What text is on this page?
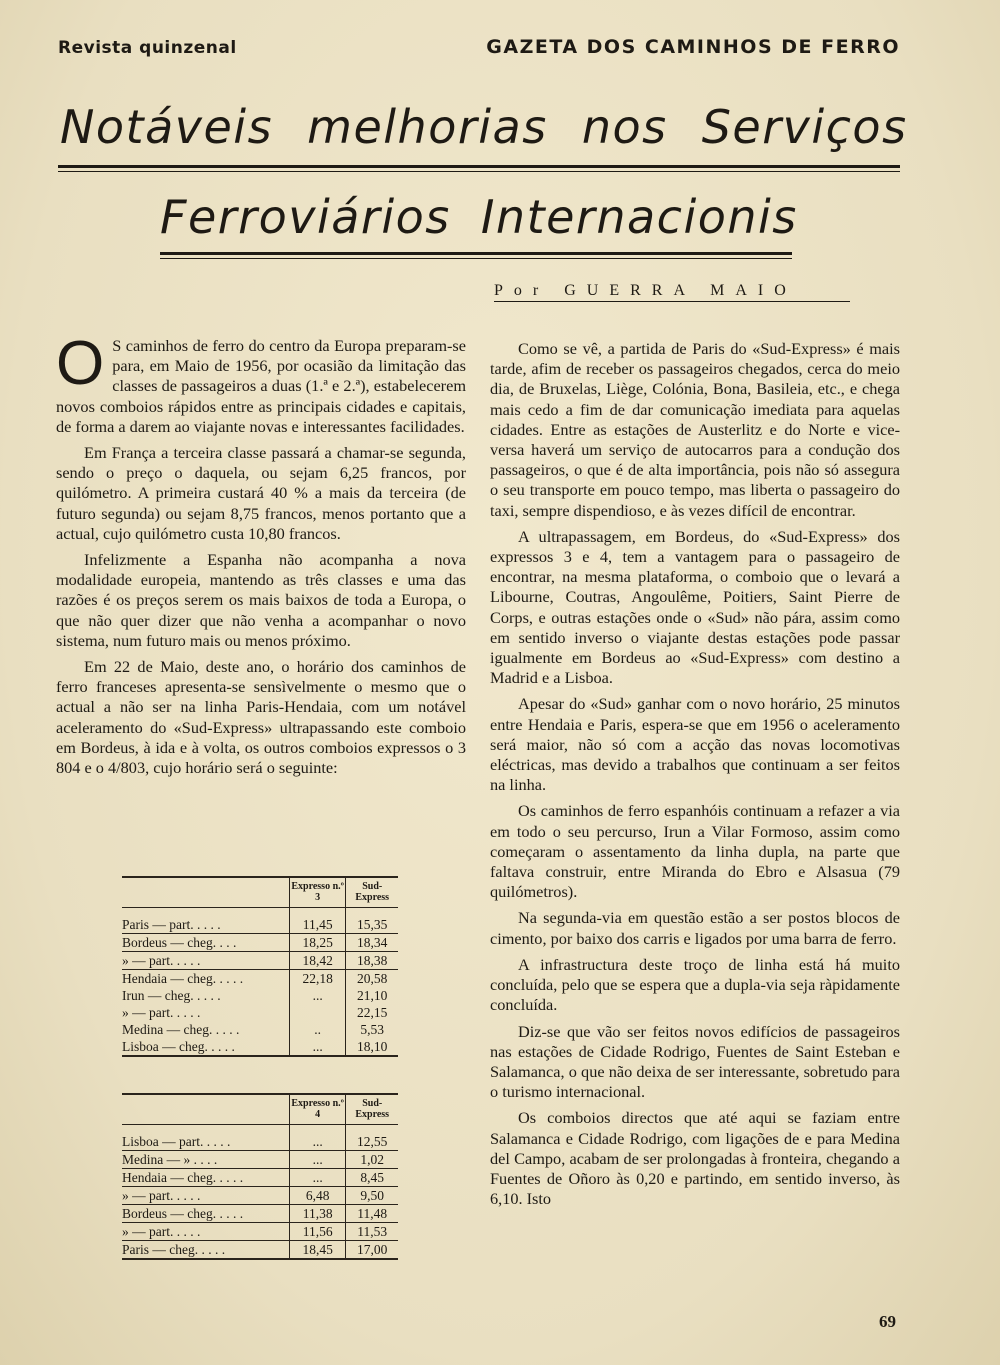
Revista quinzenal	GAZETA DOS CAMINHOS DE FERRO
Notáveis melhorias nos Serviços
Ferroviários Internacionis
Por GUERRA MAIO

O S caminhos de ferro do centro da Europa preparam-se para, em Maio de 1956, por ocasião da limitação das classes de passageiros a duas (1.ª e 2.ª), estabelecerem novos comboios rápidos entre as principais cidades e capitais, de forma a darem ao viajante novas e interessantes facilidades.

Em França a terceira classe passará a chamar-se segunda, sendo o preço o daquela, ou sejam 6,25 francos, por quilómetro. A primeira custará 40 % a mais da terceira (de futuro segunda) ou sejam 8,75 francos, menos portanto que a actual, cujo quilómetro custa 10,80 francos.

Infelizmente a Espanha não acompanha a nova modalidade europeia, mantendo as três classes e uma das razões é os preços serem os mais baixos de toda a Europa, o que não quer dizer que não venha a acompanhar o novo sistema, num futuro mais ou menos próximo.

Em 22 de Maio, deste ano, o horário dos caminhos de ferro franceses apresenta-se sensìvelmente o mesmo que o actual a não ser na linha Paris-Hendaia, com um notável aceleramento do «Sud-Express» ultrapassando este comboio em Bordeus, à ida e à volta, os outros comboios expressos o 3 804 e o 4/803, cujo horário será o seguinte:

	Expresso n.º 3	Sud-Express

Paris — part. . . . .	11,45	15,35
Bordeus — cheg. . . .	18,25	18,34
» — part. . . . .	18,42	18,38
Hendaia — cheg. . . . .	22,18	20,58
Irun — cheg. . . . .	...	21,10
» — part. . . . .		22,15
Medina — cheg. . . . .	..	5,53
Lisboa — cheg. . . . .	...	18,10
	Expresso n.º 4	Sud-Express

Lisboa — part. . . . .	...	12,55
Medina — » . . . .	...	1,02
Hendaia — cheg. . . . .	...	8,45
» — part. . . . .	6,48	9,50
Bordeus — cheg. . . . .	11,38	11,48
» — part. . . . .	11,56	11,53
Paris — cheg. . . . .	18,45	17,00

Como se vê, a partida de Paris do «Sud-Express» é mais tarde, afim de receber os passageiros chegados, cerca do meio dia, de Bruxelas, Liège, Colónia, Bona, Basileia, etc., e chega mais cedo a fim de dar comunicação imediata para aquelas cidades. Entre as estações de Austerlitz e do Norte e vice-versa haverá um serviço de autocarros para a condução dos passageiros, o que é de alta importância, pois não só assegura o seu transporte em pouco tempo, mas liberta o passageiro do taxi, sempre dispendioso, e às vezes difícil de encontrar.

A ultrapassagem, em Bordeus, do «Sud-Express» dos expressos 3 e 4, tem a vantagem para o passageiro de encontrar, na mesma plataforma, o comboio que o levará a Libourne, Coutras, Angoulême, Poitiers, Saint Pierre de Corps, e outras estações onde o «Sud» não pára, assim como em sentido inverso o viajante destas estações pode passar igualmente em Bordeus ao «Sud-Express» com destino a Madrid e a Lisboa.

Apesar do «Sud» ganhar com o novo horário, 25 minutos entre Hendaia e Paris, espera-se que em 1956 o aceleramento será maior, não só com a acção das novas locomotivas eléctricas, mas devido a trabalhos que continuam a ser feitos na linha.

Os caminhos de ferro espanhóis continuam a refazer a via em todo o seu percurso, Irun a Vilar Formoso, assim como começaram o assentamento da linha dupla, na parte que faltava construir, entre Miranda do Ebro e Alsasua (79 quilómetros).

Na segunda-via em questão estão a ser postos blocos de cimento, por baixo dos carris e ligados por uma barra de ferro.

A infrastructura deste troço de linha está há muito concluída, pelo que se espera que a dupla-via seja ràpidamente concluída.

Diz-se que vão ser feitos novos edifícios de passageiros nas estações de Cidade Rodrigo, Fuentes de Saint Esteban e Salamanca, o que não deixa de ser interessante, sobretudo para o turismo internacional.

Os comboios directos que até aqui se faziam entre Salamanca e Cidade Rodrigo, com ligações de e para Medina del Campo, acabam de ser prolongadas à fronteira, chegando a Fuentes de Oñoro às 0,20 e partindo, em sentido inverso, às 6,10. Isto

69
